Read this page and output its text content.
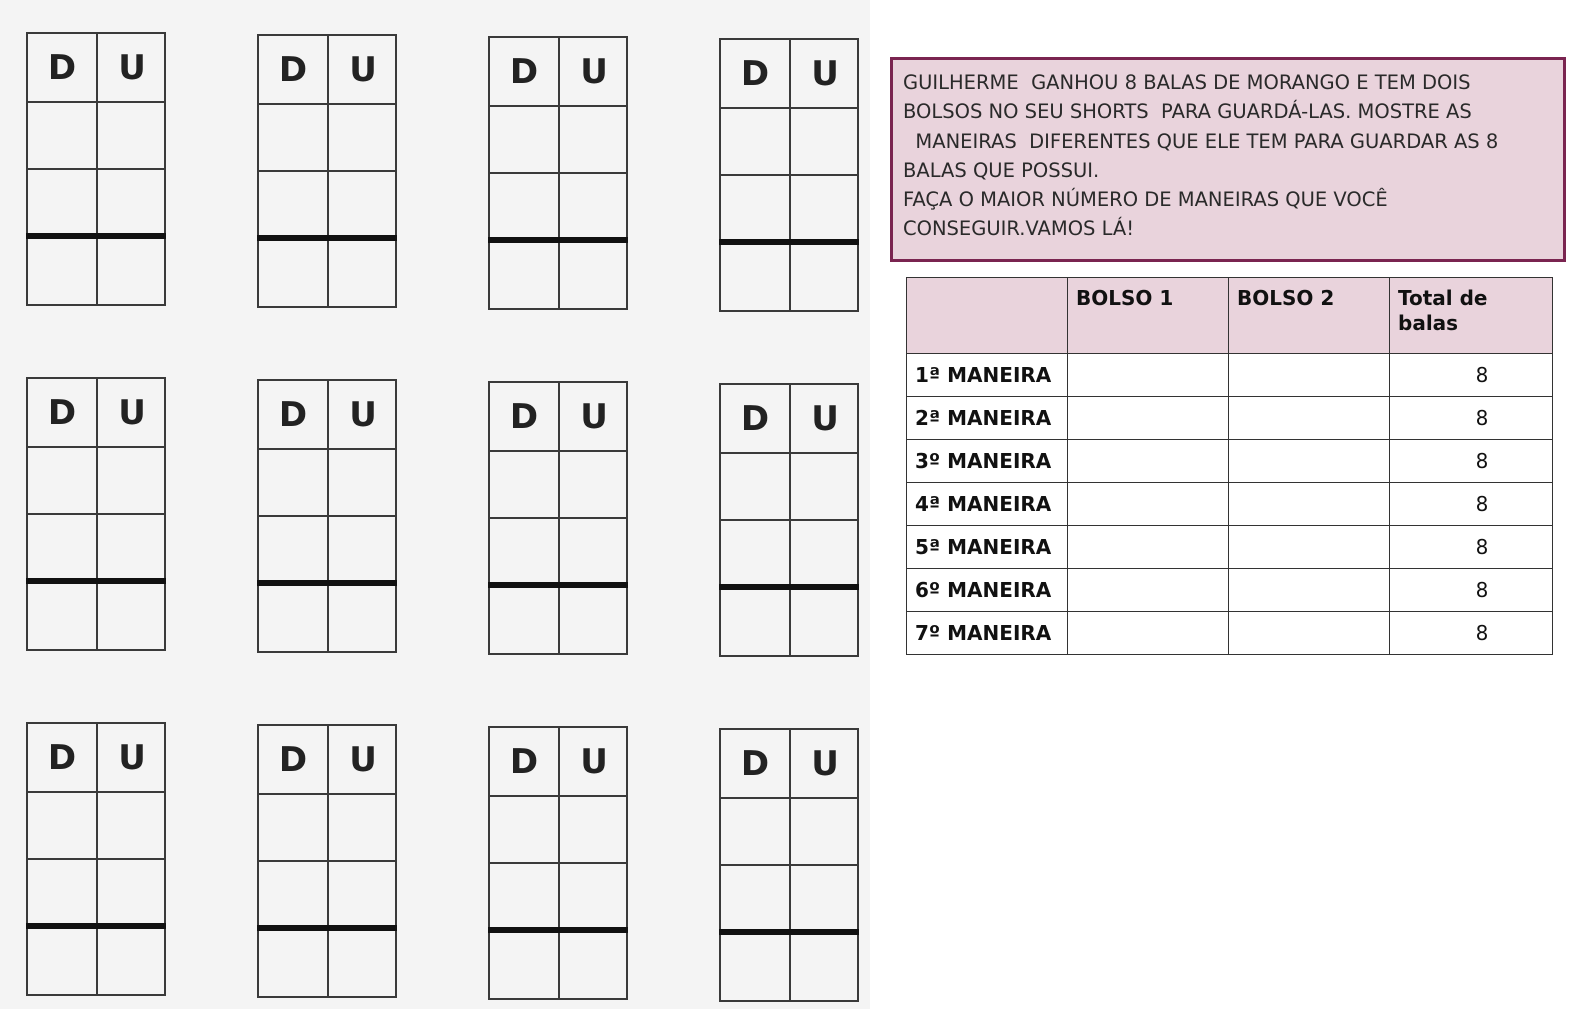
D	U	D	U	D	U	D	U
D	U	D	U	D	U	D	U
D	U	D	U	D	U	D	U

GUILHERME  GANHOU 8 BALAS DE MORANGO E TEM DOIS

BOLSOS NO SEU SHORTS  PARA GUARDÁ-LAS. MOSTRE AS

MANEIRAS  DIFERENTES QUE ELE TEM PARA GUARDAR AS 8

BALAS QUE POSSUI.

FAÇA O MAIOR NÚMERO DE MANEIRAS QUE VOCÊ

CONSEGUIR.VAMOS LÁ!

	BOLSO 1	BOLSO 2	Total de balas
1ª MANEIRA			8
2ª MANEIRA			8
3º MANEIRA			8
4ª MANEIRA			8
5ª MANEIRA			8
6º MANEIRA			8
7º MANEIRA			8
